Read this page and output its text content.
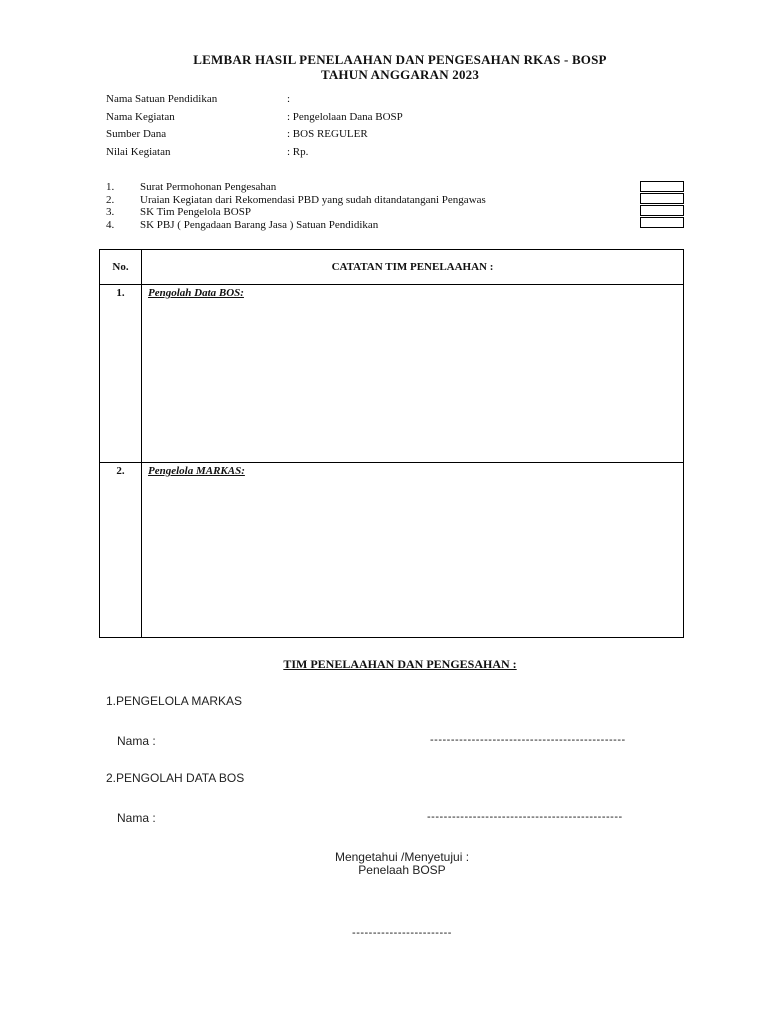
LEMBAR HASIL PENELAAHAN DAN PENGESAHAN RKAS - BOSP
TAHUN ANGGARAN 2023
Nama Satuan Pendidikan	:
Nama Kegiatan	: Pengelolaan Dana BOSP
Sumber Dana	: BOS REGULER
Nilai Kegiatan	: Rp.
1. Surat Permohonan Pengesahan
2. Uraian Kegiatan dari Rekomendasi PBD yang sudah ditandatangani Pengawas
3. SK Tim Pengelola BOSP
4. SK PBJ ( Pengadaan Barang Jasa ) Satuan Pendidikan
No.	CATATAN TIM PENELAAHAN :
1.	Pengolah Data BOS:
2.	Pengelola MARKAS:
TIM PENELAAHAN DAN PENGESAHAN :
1.PENGELOLA MARKAS
Nama :	-----------------------------------------------
2.PENGOLAH DATA BOS
Nama :	-----------------------------------------------
Mengetahui /Menyetujui :
Penelaah BOSP
------------------------
